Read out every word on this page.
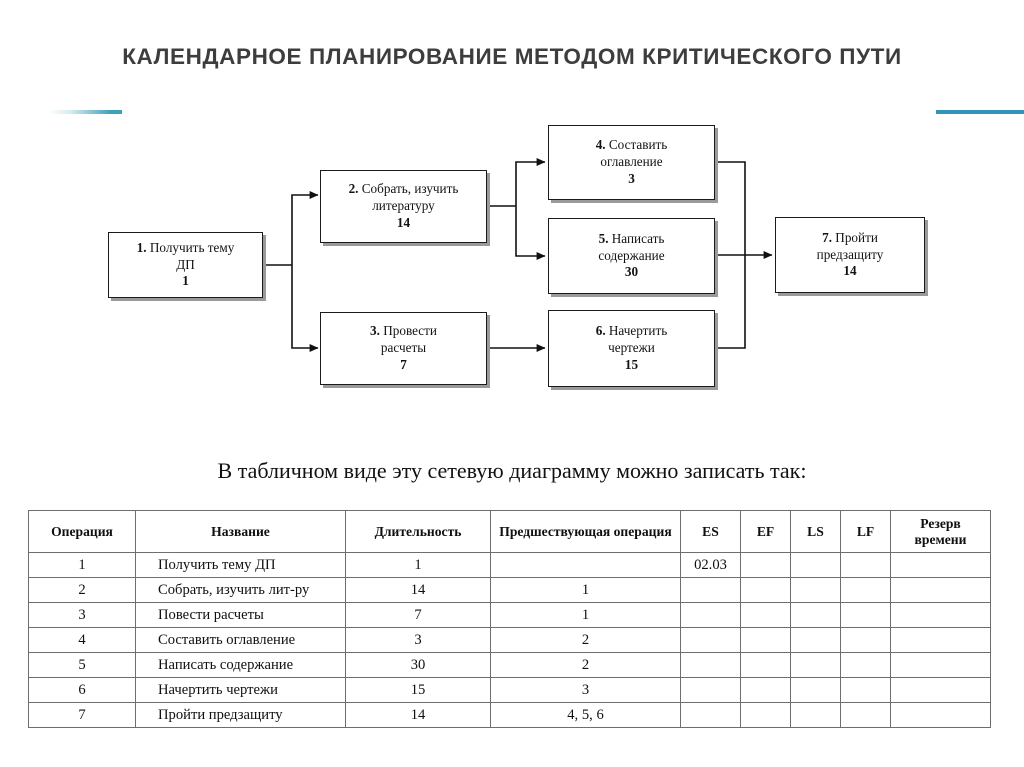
КАЛЕНДАРНОЕ ПЛАНИРОВАНИЕ МЕТОДОМ КРИТИЧЕСКОГО ПУТИ
1. Получить тему
ДП
1
2. Собрать, изучить
литературу
14
3. Провести
расчеты
7
4. Составить
оглавление
3
5. Написать
содержание
30
6. Начертить
чертежи
15
7. Пройти
предзащиту
14
В табличном виде эту сетевую диаграмму можно записать так:
Операция	Название	Длительность	Предшествующая операция	ES	EF	LS	LF	Резерв времени
1	Получить тему ДП	1		02.03				
2	Собрать, изучить лит-ру	14	1					
3	Повести расчеты	7	1					
4	Составить оглавление	3	2					
5	Написать содержание	30	2					
6	Начертить чертежи	15	3					
7	Пройти предзащиту	14	4, 5, 6					
